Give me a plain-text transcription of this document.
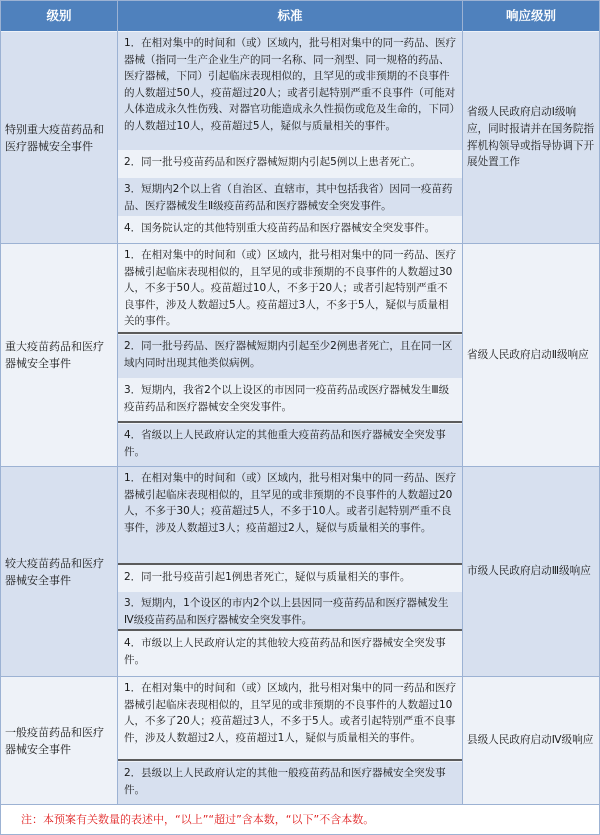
级别	标准	响应级别
特别重大疫苗药品和医疗器械安全事件
省级人民政府启动Ⅰ级响应，同时报请并在国务院指挥机构领导或指导协调下开展处置工作
1．在相对集中的时间和（或）区域内，批号相对集中的同一药品、医疗器械（指同一生产企业生产的同一名称、同一剂型、同一规格的药品、医疗器械，下同）引起临床表现相似的，且罕见的或非预期的不良事件的人数超过50人，疫苗超过20人；或者引起特别严重不良事件（可能对人体造成永久性伤残、对器官功能造成永久性损伤或危及生命的，下同）的人数超过10人，疫苗超过5人，疑似与质量相关的事件。
2．同一批号疫苗药品和医疗器械短期内引起5例以上患者死亡。
3．短期内2个以上省（自治区、直辖市，其中包括我省）因同一疫苗药品、医疗器械发生Ⅱ级疫苗药品和医疗器械安全突发事件。
4．国务院认定的其他特别重大疫苗药品和医疗器械安全突发事件。
重大疫苗药品和医疗器械安全事件
省级人民政府启动Ⅱ级响应
1．在相对集中的时间和（或）区域内，批号相对集中的同一药品、医疗器械引起临床表现相似的，且罕见的或非预期的不良事件的人数超过30人，不多于50人。疫苗超过10人，不多于20人；或者引起特别严重不良事件，涉及人数超过5人。疫苗超过3人，不多于5人，疑似与质量相关的事件。
2．同一批号药品、医疗器械短期内引起至少2例患者死亡，且在同一区域内同时出现其他类似病例。
3．短期内，我省2个以上设区的市因同一疫苗药品或医疗器械发生Ⅲ级疫苗药品和医疗器械安全突发事件。
4．省级以上人民政府认定的其他重大疫苗药品和医疗器械安全突发事件。
较大疫苗药品和医疗器械安全事件
市级人民政府启动Ⅲ级响应
1．在相对集中的时间和（或）区域内，批号相对集中的同一药品、医疗器械引起临床表现相似的，且罕见的或非预期的不良事件的人数超过20人，不多于30人；疫苗超过5人，不多于10人。或者引起特别严重不良事件，涉及人数超过3人；疫苗超过2人，疑似与质量相关的事件。
2．同一批号疫苗引起1例患者死亡，疑似与质量相关的事件。
3．短期内，1个设区的市内2个以上县因同一疫苗药品和医疗器械发生Ⅳ级疫苗药品和医疗器械安全突发事件。
4．市级以上人民政府认定的其他较大疫苗药品和医疗器械安全突发事件。
一般疫苗药品和医疗器械安全事件
县级人民政府启动Ⅳ级响应
1．在相对集中的时间和（或）区域内，批号相对集中的同一药品和医疗器械引起临床表现相似的，且罕见的或非预期的不良事件的人数超过10人，不多了20人；疫苗超过3人，不多于5人。或者引起特别严重不良事件，涉及人数超过2人，疫苗超过1人，疑似与质量相关的事件。
2．县级以上人民政府认定的其他一般疫苗药品和医疗器械安全突发事件。
注：本预案有关数量的表述中，“以上”“超过”含本数，“以下”不含本数。
